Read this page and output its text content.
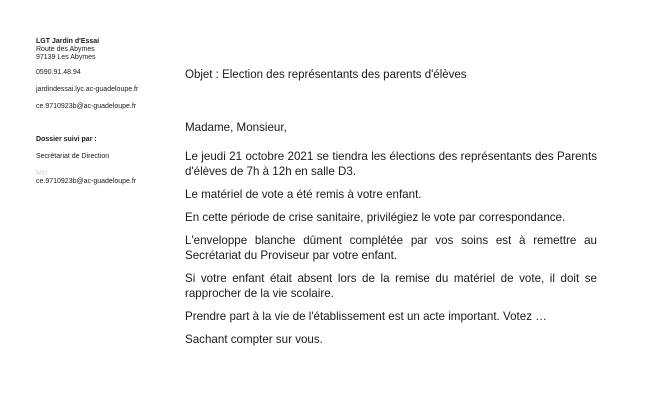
LGT Jardin d'Essai
Route des Abymes
97139 Les Abymes
0590.91.48.94
jardindessai.lyc.ac-guadeloupe.fr
ce.9710923b@ac-guadeloupe.fr
Dossier suivi par :
Secrétariat de Direction
Mel
ce.9710923b@ac-guadeloupe.fr
Objet : Election des représentants des parents d'élèves

Madame, Monsieur,

Le jeudi 21 octobre 2021 se tiendra les élections des représentants des Parents d'élèves de 7h à 12h en salle D3.

Le matériel de vote a été remis à votre enfant.

En cette période de crise sanitaire, privilégiez le vote par correspondance.

L'enveloppe blanche dûment complétée par vos soins est à remettre au Secrétariat du Proviseur par votre enfant.

Si votre enfant était absent lors de la remise du matériel de vote, il doit se rapprocher de la vie scolaire.

Prendre part à la vie de l'établissement est un acte important. Votez …

Sachant compter sur vous.
